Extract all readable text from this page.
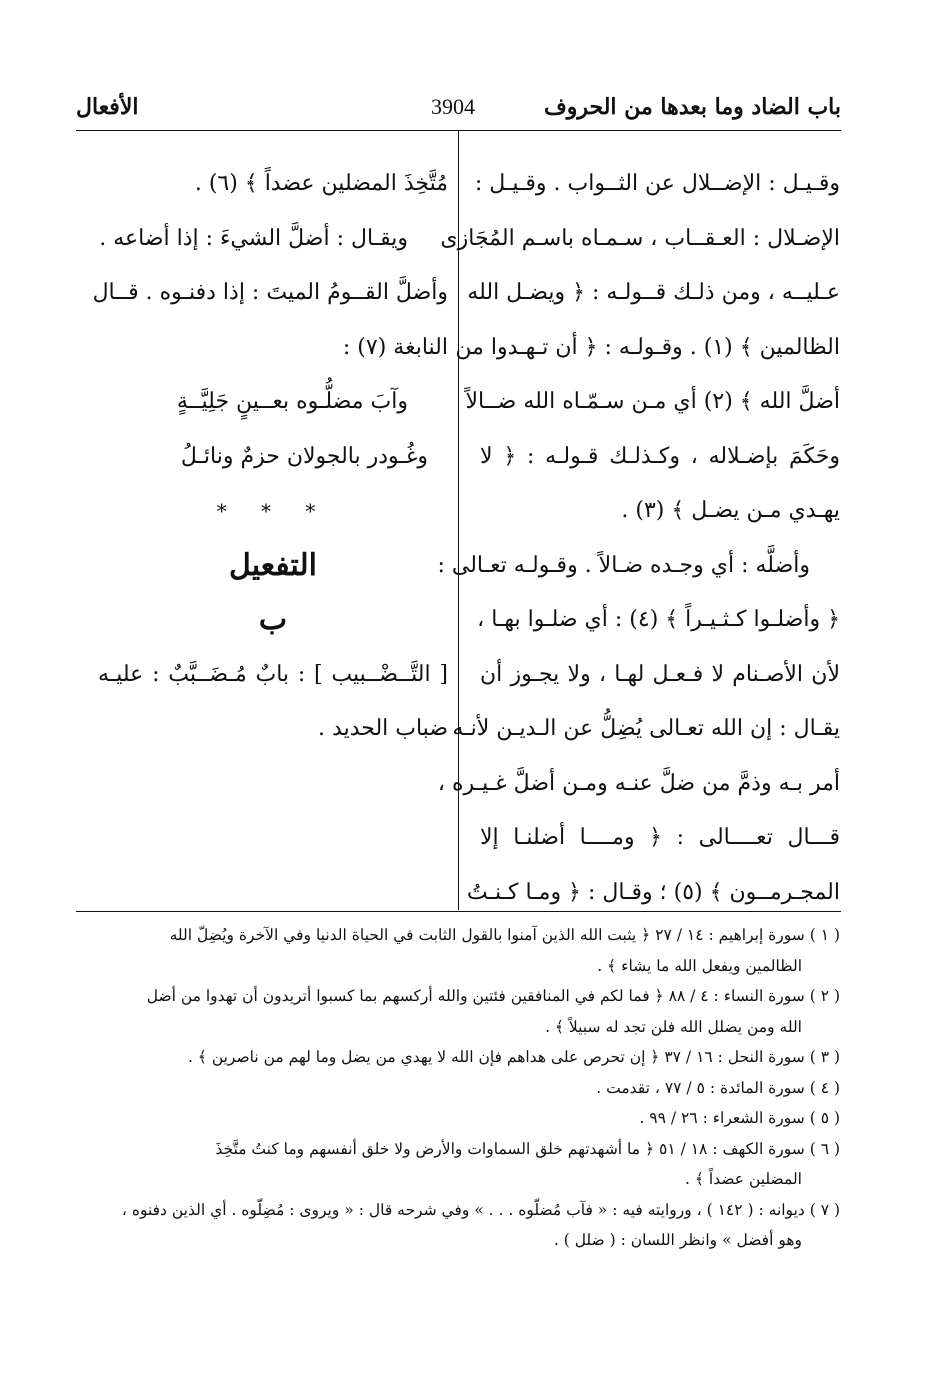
باب الضاد وما بعدها من الحروف
3904
الأفعال
وقـيـل : الإضــلال عن الثــواب . وقـيـل :
الإضـلال : العـقــاب ، سـمـاه باسـم المُجَازى
عـليــه ، ومن ذلـك قــولـه : ﴿ ويضـل الله
الظالمين ﴾ (١) . وقـولـه : ﴿ أن تـهـدوا من
أضلَّ الله ﴾ (٢) أي مـن سـمّـاه الله ضــالاً
وحَكَمَ بإضـلاله ، وكـذلـك قـولـه : ﴿ لا
يهـدي مـن يضـل ﴾ (٣) .
وأضلَّه : أي وجـده ضـالاً . وقـولـه تعـالى :
﴿ وأضلـوا كـثـيـراً ﴾ (٤) : أي ضلـوا بهـا ،
لأن الأصـنام لا فـعـل لهـا ، ولا يجـوز أن
يقـال : إن الله تعـالى يُضِلُّ عن الـديـن لأنـه
أمر بـه وذمَّ من ضلَّ عنـه ومـن أضلَّ غـيـره ،
قـــال تعــــالى : ﴿ ومــــا أضلنـا إلا
المجـرمــون ﴾ (٥) ؛ وقـال : ﴿ ومـا كـنـتُ
مُتَّخِذَ المضلين عضداً ﴾ (٦) .
ويقـال : أضلَّ الشيءَ : إذا أضاعه .
وأضلَّ القــومُ الميتَ : إذا دفنـوه . قــال
النابغة (٧) :
وآبَ مضلُّـوه بعــينٍ جَلِيَّــةٍ
وغُـودر بالجولان حزمٌ ونائـلُ
* * *
التفعيل
ب
[ التَّــضْــبيب ] : بابٌ مُـضَــبَّبٌ : عليـه
ضباب الحديد .
( ١ ) سورة إبراهيم : ١٤ / ٢٧ ﴿ يثبت الله الذين آمنوا بالقول الثابت في الحياة الدنيا وفي الآخرة ويُضِلّ الله
الظالمين ويفعل الله ما يشاء ﴾ .
( ٢ ) سورة النساء : ٤ / ٨٨ ﴿ فما لكم في المنافقين فئتين والله أركسهم بما كسبوا أتريدون أن تهدوا من أضل
الله ومن يضلل الله فلن تجد له سبيلاً ﴾ .
( ٣ ) سورة النحل : ١٦ / ٣٧ ﴿ إن تحرص على هداهم فإن الله لا يهدي من يضل وما لهم من ناصرين ﴾ .
( ٤ ) سورة المائدة : ٥ / ٧٧ ، تقدمت .
( ٥ ) سورة الشعراء : ٢٦ / ٩٩ .
( ٦ ) سورة الكهف : ١٨ / ٥١ ﴿ ما أشهدتهم خلق السماوات والأرض ولا خلق أنفسهم وما كنتُ متَّخِذَ
المضلين عضداً ﴾ .
( ٧ ) ديوانه : ( ١٤٢ ) ، وروايته فيه : « فآب مُضلّوه . . . » وفي شرحه قال : « ويروى : مُضِلّوه . أي الذين دفنوه ،
وهو أفضل » وانظر اللسان : ( ضلل ) .
